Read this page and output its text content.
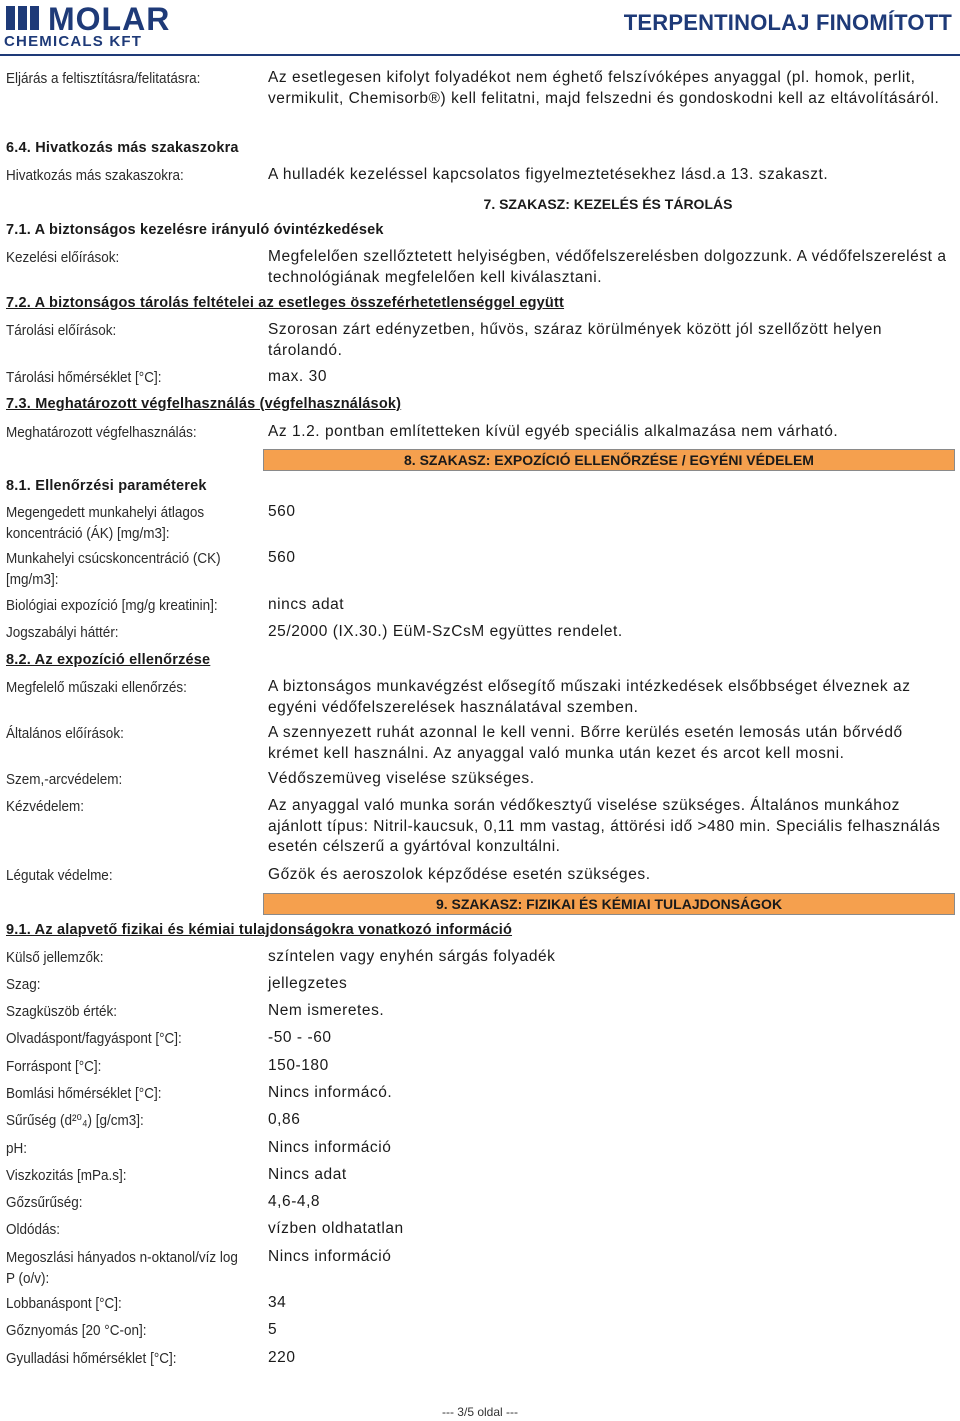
MOLAR
CHEMICALS KFT
TERPENTINOLAJ FINOMÍTOTT
Eljárás a feltisztításra/felitatásra:	Az esetlegesen kifolyt folyadékot nem éghető felszívóképes anyaggal (pl. homok, perlit, vermikulit, Chemisorb®) kell felitatni, majd felszedni és gondoskodni kell az eltávolításáról.
6.4. Hivatkozás más szakaszokra
Hivatkozás más szakaszokra:	A hulladék kezeléssel kapcsolatos figyelmeztetésekhez lásd.a 13. szakaszt.
7. SZAKASZ: KEZELÉS ÉS TÁROLÁS
7.1. A biztonságos kezelésre irányuló óvintézkedések
Kezelési előírások:	Megfelelően szellőztetett helyiségben, védőfelszerelésben dolgozzunk. A védőfelszerelést a technológiának megfelelően kell kiválasztani.
7.2. A biztonságos tárolás feltételei az esetleges összeférhetetlenséggel együtt
Tárolási előírások:	Szorosan zárt edényzetben, hűvös, száraz körülmények között jól szellőzött helyen tárolandó.
Tárolási hőmérséklet [°C]:	max. 30
7.3. Meghatározott végfelhasználás (végfelhasználások)
Meghatározott végfelhasználás:	Az 1.2. pontban említetteken kívül egyéb speciális alkalmazása nem várható.
8. SZAKASZ: EXPOZÍCIÓ ELLENŐRZÉSE / EGYÉNI VÉDELEM
8.1. Ellenőrzési paraméterek
Megengedett munkahelyi átlagos koncentráció (ÁK) [mg/m3]:
560
Munkahelyi csúcskoncentráció (CK) [mg/m3]:
560
Biológiai expozíció [mg/g kreatinin]:	nincs adat
Jogszabályi háttér:	25/2000 (IX.30.) EüM-SzCsM együttes rendelet.
8.2. Az expozíció ellenőrzése
Megfelelő műszaki ellenőrzés:	A biztonságos munkavégzést elősegítő műszaki intézkedések elsőbbséget élveznek az egyéni védőfelszerelések használatával szemben.
Általános előírások:	A szennyezett ruhát azonnal le kell venni. Bőrre kerülés esetén lemosás után bőrvédő krémet kell használni. Az anyaggal való munka után kezet és arcot kell mosni.
Szem,-arcvédelem:	Védőszemüveg viselése szükséges.
Kézvédelem:	Az anyaggal való munka során védőkesztyű viselése szükséges. Általános munkához ajánlott típus: Nitril-kaucsuk, 0,11 mm vastag, áttörési idő >480 min. Speciális felhasználás esetén célszerű a gyártóval konzultálni.
Légutak védelme:	Gőzök és aeroszolok képződése esetén szükséges.
9. SZAKASZ: FIZIKAI ÉS KÉMIAI TULAJDONSÁGOK
9.1. Az alapvető fizikai és kémiai tulajdonságokra vonatkozó információ
Külső jellemzők:	színtelen vagy enyhén sárgás folyadék
Szag:	jellegzetes
Szagküszöb érték:	Nem ismeretes.
Olvadáspont/fagyáspont [°C]:	-50 - -60
Forráspont [°C]:	150-180
Bomlási hőmérséklet [°C]:	Nincs informácó.
Sűrűség (d²⁰₄) [g/cm3]:	0,86
pH:	Nincs információ
Viszkozitás [mPa.s]:	Nincs adat
Gőzsűrűség:	4,6-4,8
Oldódás:	vízben oldhatatlan
Megoszlási hányados n-oktanol/víz log P (o/v):
Nincs információ
Lobbanáspont [°C]:	34
Gőznyomás [20 °C-on]:	5
Gyulladási hőmérséklet [°C]:	220
--- 3/5 oldal ---
